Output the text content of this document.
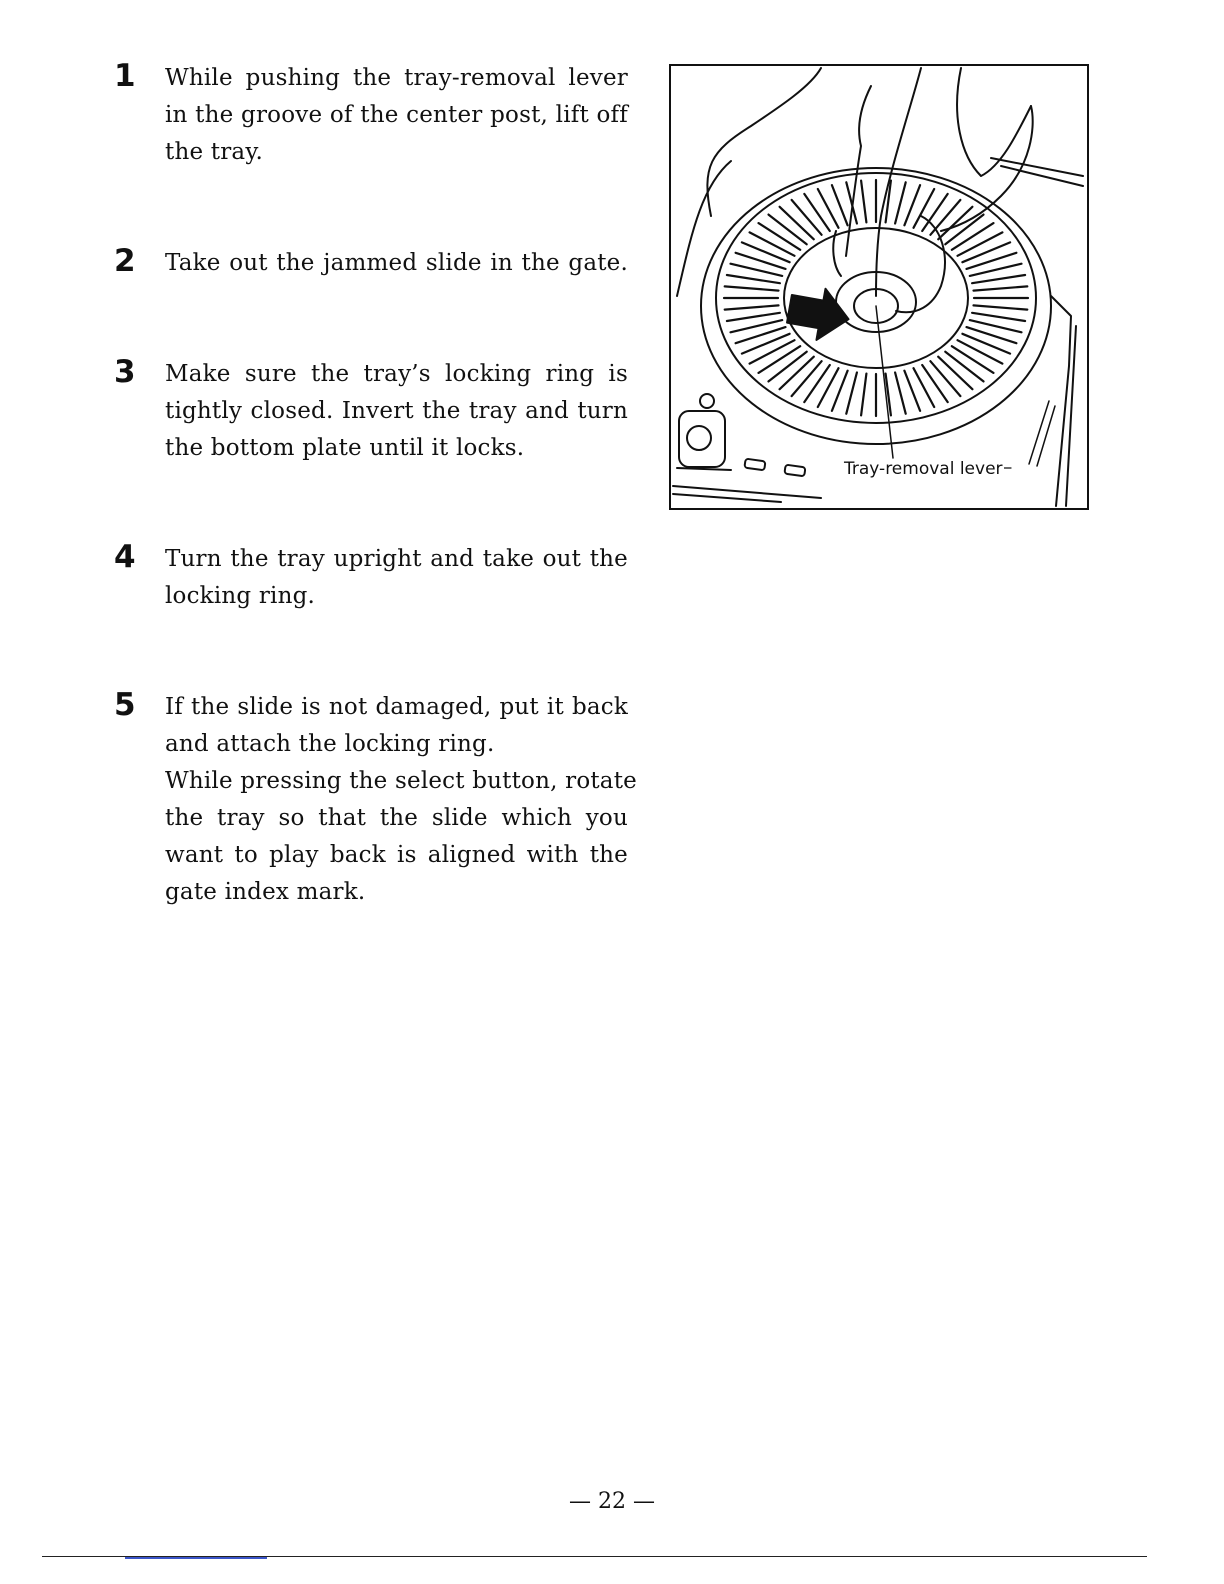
1	While pushing the tray-removal lever
in the groove of the center post, lift off
the tray.
2	Take out the jammed slide in the gate.
3	Make sure the tray’s locking ring is
tightly closed. Invert the tray and turn
the bottom plate until it locks.
4	Turn the tray upright and take out the
locking ring.
5	If the slide is not damaged, put it back
and attach the locking ring.
While pressing the select button, rotate
the tray so that the slide which you
want to play back is aligned with the
gate index mark.
Tray-removal lever
— 22 —
